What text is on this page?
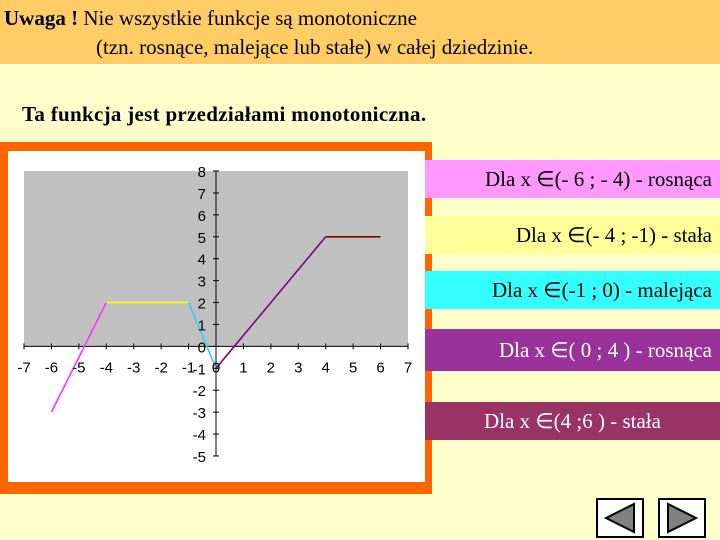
Uwaga ! Nie wszystkie funkcje są monotoniczne
(tzn. rosnące, malejące lub stałe) w całej dziedzinie.
Ta funkcja jest przedziałami monotoniczna.
-7 -6 -5 -4 -3 -2 -1 0 1 2 3 4 5 6 7
8
7
6
5
4
3
2
1
0
-1
-2
-3
-4
-5
Dla x ∈(- 6 ; - 4) - rosnąca
Dla x ∈(- 4 ; -1) - stała
Dla x ∈(-1 ; 0) - malejąca
Dla x ∈( 0 ; 4 ) - rosnąca
Dla x ∈(4 ;6 ) - stała
